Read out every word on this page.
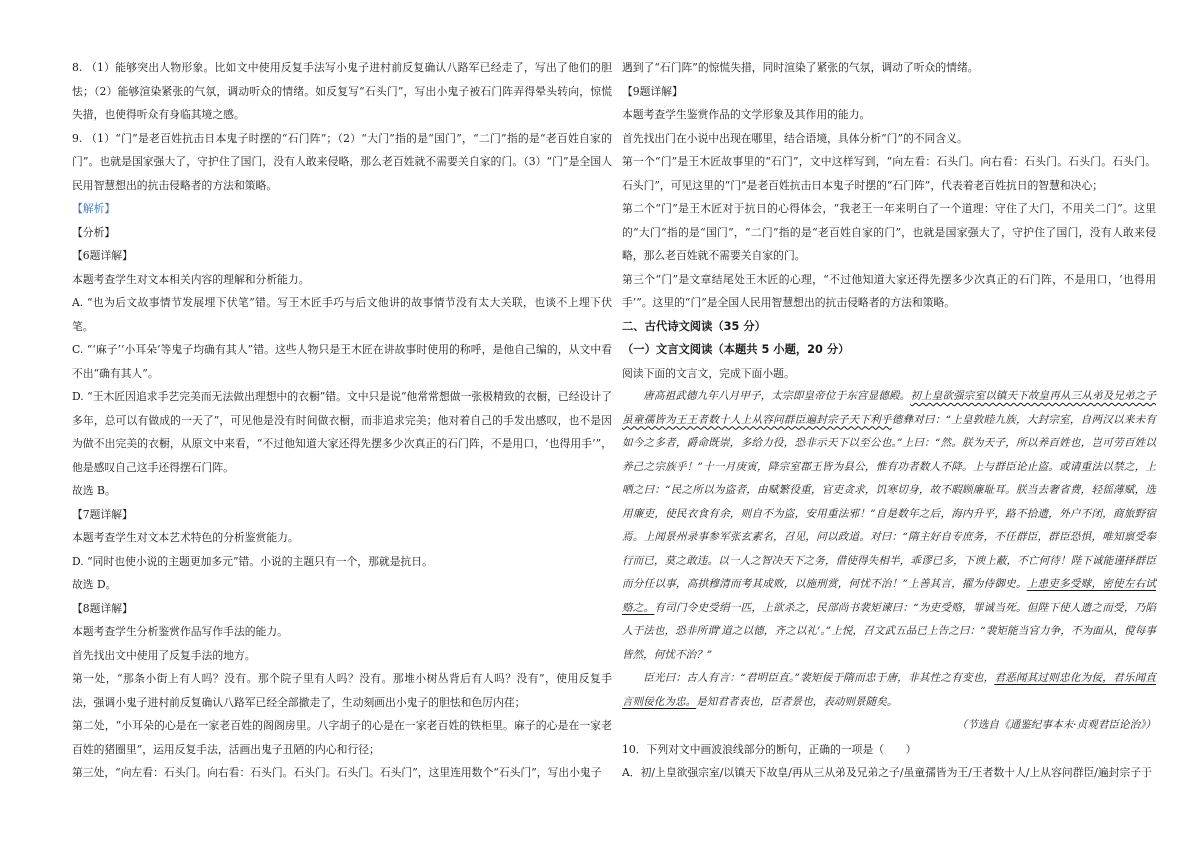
8. （1）能够突出人物形象。比如文中使用反复手法写小鬼子进村前反复确认八路军已经走了，写出了他们的胆怯；（2）能够渲染紧张的气氛，调动听众的情绪。如反复写“石头门”，写出小鬼子被石门阵弄得晕头转向，惊慌失措，也使得听众有身临其境之感。

9. （1）“门”是老百姓抗击日本鬼子时摆的“石门阵”；（2）“大门”指的是“国门”，“二门”指的是“老百姓自家的门”。也就是国家强大了，守护住了国门，没有人敢来侵略，那么老百姓就不需要关自家的门。（3）“门”是全国人民用智慧想出的抗击侵略者的方法和策略。

【解析】

【分析】

【6题详解】

本题考查学生对文本相关内容的理解和分析能力。

A. “也为后文故事情节发展埋下伏笔”错。写王木匠手巧与后文他讲的故事情节没有太大关联，也谈不上埋下伏笔。

C. “‘麻子’‘小耳朵’等鬼子均确有其人”错。这些人物只是王木匠在讲故事时使用的称呼，是他自己编的，从文中看不出“确有其人”。

D. “王木匠因追求手艺完美而无法做出理想中的衣橱”错。文中只是说“他常常想做一张极精致的衣橱，已经设计了多年，总可以有做成的一天了”，可见他是没有时间做衣橱，而非追求完美；他对着自己的手发出感叹，也不是因为做不出完美的衣橱，从原文中来看，“不过他知道大家还得先摆多少次真正的石门阵，不是用口，‘也得用手’”，他是感叹自己这手还得摆石门阵。

故选 B。

【7题详解】

本题考查学生对文本艺术特色的分析鉴赏能力。

D. “同时也使小说的主题更加多元”错。小说的主题只有一个，那就是抗日。

故选 D。

【8题详解】

本题考查学生分析鉴赏作品写作手法的能力。

首先找出文中使用了反复手法的地方。

第一处，“那条小街上有人吗？没有。那个院子里有人吗？没有。那堆小树丛背后有人吗？没有”，使用反复手法，强调小鬼子进村前反复确认八路军已经全部撤走了，生动刻画出小鬼子的胆怯和色厉内荏；

第二处，“小耳朵的心是在一家老百姓的阁阁房里。八字胡子的心是在一家老百姓的铁柜里。麻子的心是在一家老百姓的猪圈里”，运用反复手法，活画出鬼子丑陋的内心和行径；

第三处，“向左看：石头门。向右看：石头门。石头门。石头门。石头门”，这里连用数个“石头门”，写出小鬼子

遇到了“石门阵”的惊慌失措，同时渲染了紧张的气氛，调动了听众的情绪。

【9题详解】

本题考查学生鉴赏作品的文学形象及其作用的能力。

首先找出门在小说中出现在哪里，结合语境，具体分析“门”的不同含义。

第一个“门”是王木匠故事里的“石门”，文中这样写到，“向左看：石头门。向右看：石头门。石头门。石头门。石头门”，可见这里的“门”是老百姓抗击日本鬼子时摆的“石门阵”，代表着老百姓抗日的智慧和决心；

第二个“门”是王木匠对于抗日的心得体会，“我老王一年来明白了一个道理：守住了大门，不用关二门”。这里的“大门”指的是“国门”，“二门”指的是“老百姓自家的门”，也就是国家强大了，守护住了国门，没有人敢来侵略，那么老百姓就不需要关自家的门。

第三个“门”是文章结尾处王木匠的心理，“不过他知道大家还得先摆多少次真正的石门阵，不是用口，‘也得用手’”。这里的“门”是全国人民用智慧想出的抗击侵略者的方法和策略。

二、古代诗文阅读（35 分）

（一）文言文阅读（本题共 5 小题，20 分）

阅读下面的文言文，完成下面小题。

唐高祖武德九年八月甲子，太宗即皇帝位于东宫显德殿。初上皇欲强宗室以镇天下故皇再从三从弟及兄弟之子虽童孺皆为王王者数十人上从容问群臣遍封宗子天下利乎德彝对曰：“上皇敦睦九族，大封宗室，自两汉以来未有如今之多者，爵命既崇，多给力役，恐非示天下以至公也。”上曰：“然。朕为天子，所以养百姓也，岂可劳百姓以养己之宗族乎！”十一月庚寅，降宗室郡王皆为县公，惟有功者数人不降。上与群臣论止盗。或请重法以禁之，上哂之曰：“民之所以为盗者，由赋繁役重，官吏贪求，饥寒切身，故不暇顾廉耻耳。朕当去奢省费，轻徭薄赋，选用廉吏，使民衣食有余，则自不为盗，安用重法邪！”自是数年之后，海内升平，路不拾遗，外户不闭，商旅野宿焉。上闻景州录事参军张玄素名，召见，问以政道。对曰：“隋主好自专庶务，不任群臣，群臣恐惧，唯知禀受奉行而已，莫之敢违。以一人之智决天下之务，借使得失相半，乖谬已多，下谀上蔽，不亡何待！陛下诚能谨择群臣而分任以事，高拱穆清而考其成败，以施刑赏，何忧不治！”上善其言，擢为侍御史。上患吏多受赇，密使左右试赂之。有司门令史受绢一匹，上欲杀之，民部尚书裴矩谏曰：“为吏受赂，罪诚当死。但陛下使人遗之而受，乃陷人于法也，恐非所谓‘道之以德，齐之以礼’。”上悦，召文武五品已上告之曰：“裴矩能当官力争，不为面从，傥每事皆然，何忧不治？”

臣光曰：古人有言：“君明臣直。”裴矩佞于隋而忠于唐，非其性之有变也，君恶闻其过则忠化为佞，君乐闻直言则佞化为忠。是知君者表也，臣者景也，表动则景随矣。

（节选自《通鉴纪事本末·贞观君臣论治》）

10．下列对文中画波浪线部分的断句，正确的一项是（　　）

A．初/上皇欲强宗室/以镇天下故皇/再从三从弟及兄弟之子/虽童孺皆为王/王者数十人/上从容问群臣/遍封宗子于
